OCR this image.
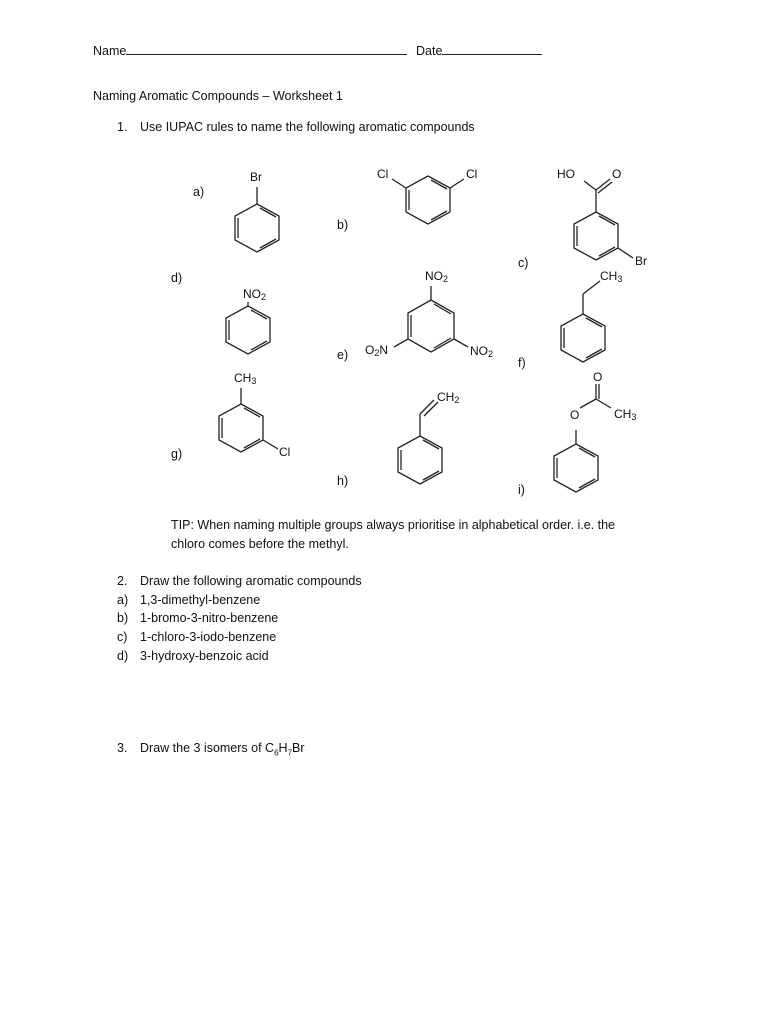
Name	Date
Naming Aromatic Compounds – Worksheet 1
1. Use IUPAC rules to name the following aromatic compounds
a)
b)
c)
d)
e)
f)
g)
h)
i)
Br	Cl	Cl	HO	O
Br
$NO_2$
$NO_2$
$O_2N$	$NO_2$
$CH_3$
$CH_3$
Cl
$CH_2$
O
O	$CH_3$
TIP: When naming multiple groups always prioritise in alphabetical order. i.e. the chloro comes before the methyl.
2. Draw the following aromatic compounds
a) 1,3-dimethyl-benzene
b) 1-bromo-3-nitro-benzene
c) 1-chloro-3-iodo-benzene
d) 3-hydroxy-benzoic acid
3. Draw the 3 isomers of $C_6H_7Br$
